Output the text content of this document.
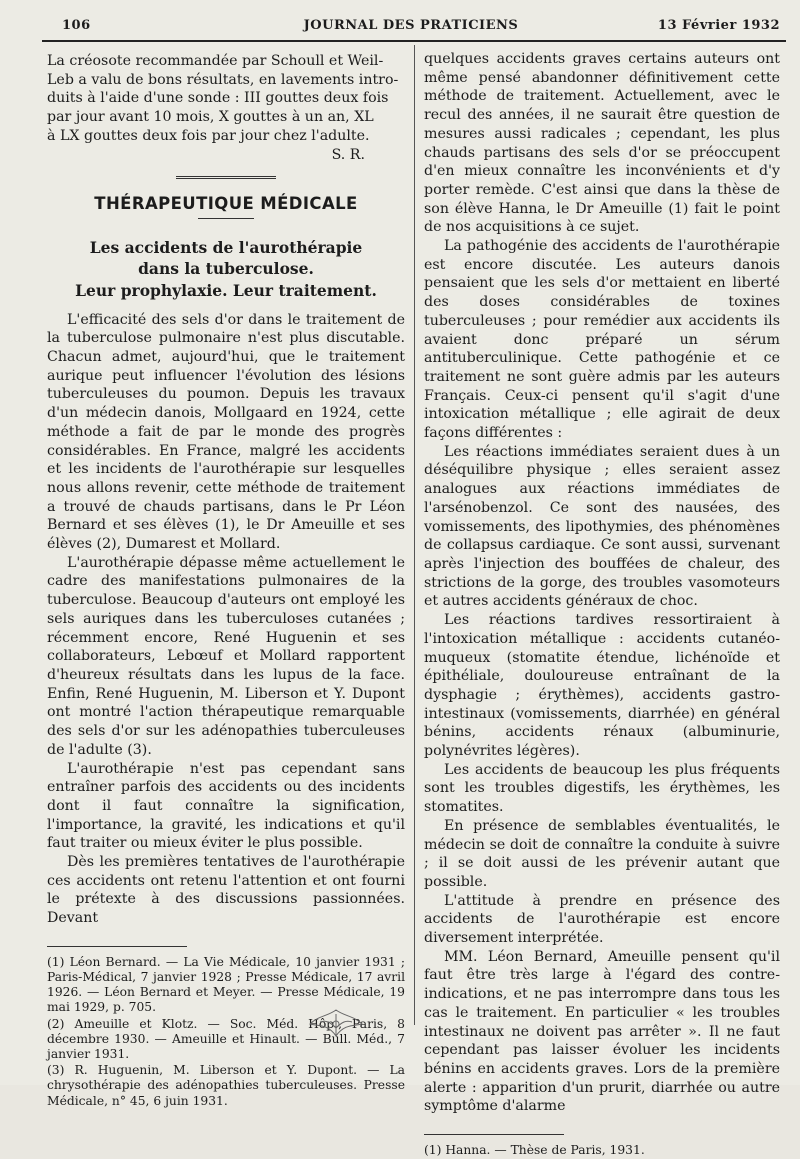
106	JOURNAL DES PRATICIENS	13 Février 1932

La créosote recommandée par Schoull et Weil-

Leb a valu de bons résultats, en lavements intro-

duits à l'aide d'une sonde : III gouttes deux fois

par jour avant 10 mois, X gouttes à un an, XL

à LX gouttes deux fois par jour chez l'adulte.

S. R.

THÉRAPEUTIQUE MÉDICALE
Les accidents de l'aurothérapie
dans la tuberculose.
Leur prophylaxie. Leur traitement.

L'efficacité des sels d'or dans le traitement de la tuberculose pulmonaire n'est plus discutable. Chacun admet, aujourd'hui, que le traitement aurique peut influencer l'évolution des lésions tuberculeuses du poumon. Depuis les travaux d'un médecin danois, Mollgaard en 1924, cette méthode a fait de par le monde des progrès considérables. En France, malgré les accidents et les incidents de l'aurothérapie sur lesquelles nous allons revenir, cette méthode de traitement a trouvé de chauds partisans, dans le Pr Léon Bernard et ses élèves (1), le Dr Ameuille et ses élèves (2), Dumarest et Mollard.

L'aurothérapie dépasse même actuellement le cadre des manifestations pulmonaires de la tuberculose. Beaucoup d'auteurs ont employé les sels auriques dans les tuberculoses cutanées ; récemment encore, René Huguenin et ses collaborateurs, Lebœuf et Mollard rapportent d'heureux résultats dans les lupus de la face. Enfin, René Huguenin, M. Liberson et Y. Dupont ont montré l'action thérapeutique remarquable des sels d'or sur les adénopathies tuberculeuses de l'adulte (3).

L'aurothérapie n'est pas cependant sans entraîner parfois des accidents ou des incidents dont il faut connaître la signification, l'importance, la gravité, les indications et qu'il faut traiter ou mieux éviter le plus possible.

Dès les premières tentatives de l'aurothérapie ces accidents ont retenu l'attention et ont fourni le prétexte à des discussions passionnées. Devant

(1) Léon Bernard. — La Vie Médicale, 10 janvier 1931 ; Paris-Médical, 7 janvier 1928 ; Presse Médicale, 17 avril 1926. — Léon Bernard et Meyer. — Presse Médicale, 19 mai 1929, p. 705.

(2) Ameuille et Klotz. — Soc. Méd. Hôp., Paris, 8 décembre 1930. — Ameuille et Hinault. — Bull. Méd., 7 janvier 1931.

(3) R. Huguenin, M. Liberson et Y. Dupont. — La chrysothérapie des adénopathies tuberculeuses. Presse Médicale, n° 45, 6 juin 1931.

quelques accidents graves certains auteurs ont même pensé abandonner définitivement cette méthode de traitement. Actuellement, avec le recul des années, il ne saurait être question de mesures aussi radicales ; cependant, les plus chauds partisans des sels d'or se préoccupent d'en mieux connaître les inconvénients et d'y porter remède. C'est ainsi que dans la thèse de son élève Hanna, le Dr Ameuille (1) fait le point de nos acquisitions à ce sujet.

La pathogénie des accidents de l'aurothérapie est encore discutée. Les auteurs danois pensaient que les sels d'or mettaient en liberté des doses considérables de toxines tuberculeuses ; pour remédier aux accidents ils avaient donc préparé un sérum antituberculinique. Cette pathogénie et ce traitement ne sont guère admis par les auteurs Français. Ceux-ci pensent qu'il s'agit d'une intoxication métallique ; elle agirait de deux façons différentes :

Les réactions immédiates seraient dues à un déséquilibre physique ; elles seraient assez analogues aux réactions immédiates de l'arsénobenzol. Ce sont des nausées, des vomissements, des lipothymies, des phénomènes de collapsus cardiaque. Ce sont aussi, survenant après l'injection des bouffées de chaleur, des strictions de la gorge, des troubles vasomoteurs et autres accidents généraux de choc.

Les réactions tardives ressortiraient à l'intoxication métallique : accidents cutanéo-muqueux (stomatite étendue, lichénoïde et épithéliale, douloureuse entraînant de la dysphagie ; érythèmes), accidents gastro-intestinaux (vomissements, diarrhée) en général bénins, accidents rénaux (albuminurie, polynévrites légères).

Les accidents de beaucoup les plus fréquents sont les troubles digestifs, les érythèmes, les stomatites.

En présence de semblables éventualités, le médecin se doit de connaître la conduite à suivre ; il se doit aussi de les prévenir autant que possible.

L'attitude à prendre en présence des accidents de l'aurothérapie est encore diversement interprétée.

MM. Léon Bernard, Ameuille pensent qu'il faut être très large à l'égard des contre-indications, et ne pas interrompre dans tous les cas le traitement. En particulier « les troubles intestinaux ne doivent pas arrêter ». Il ne faut cependant pas laisser évoluer les incidents bénins en accidents graves. Lors de la première alerte : apparition d'un prurit, diarrhée ou autre symptôme d'alarme

(1) Hanna. — Thèse de Paris, 1931.
